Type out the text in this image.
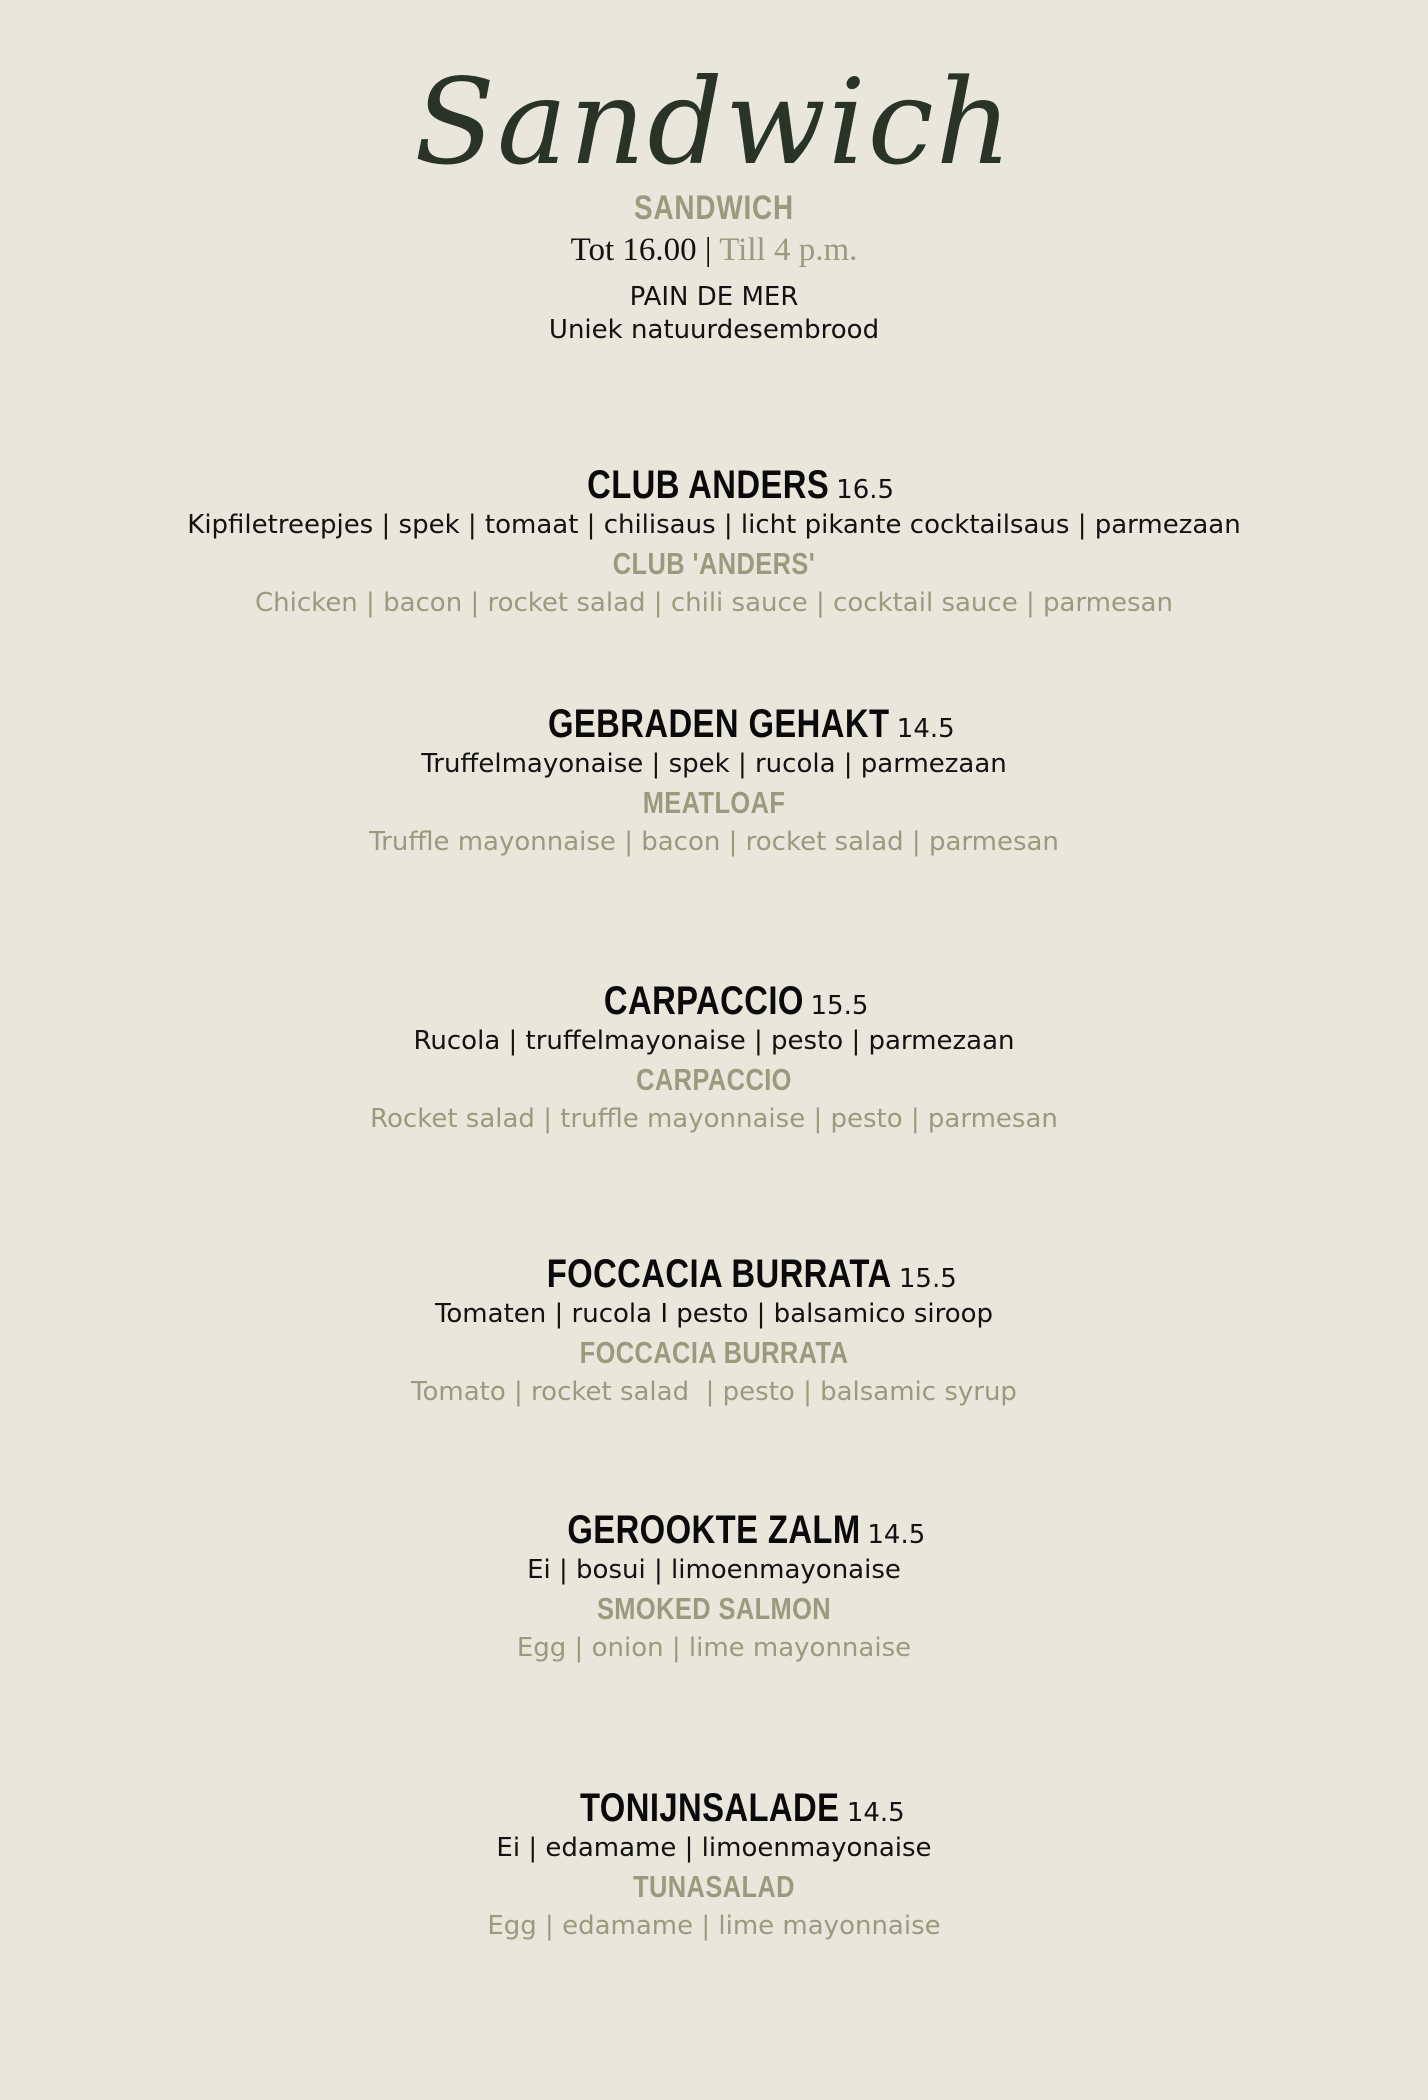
Sandwich
SANDWICH
Tot 16.00 | Till 4 p.m.
PAIN DE MER
Uniek natuurdesembrood
CLUB ANDERS 16.5
Kipfiletreepjes | spek | tomaat | chilisaus | licht pikante cocktailsaus | parmezaan
CLUB 'ANDERS'
Chicken | bacon | rocket salad | chili sauce | cocktail sauce | parmesan
GEBRADEN GEHAKT 14.5
Truffelmayonaise | spek | rucola | parmezaan
MEATLOAF
Truffle mayonnaise | bacon | rocket salad | parmesan
CARPACCIO 15.5
Rucola | truffelmayonaise | pesto | parmezaan
CARPACCIO
Rocket salad | truffle mayonnaise | pesto | parmesan
FOCCACIA BURRATA 15.5
Tomaten | rucola I pesto | balsamico siroop
FOCCACIA BURRATA
Tomato | rocket salad  | pesto | balsamic syrup
GEROOKTE ZALM 14.5
Ei | bosui | limoenmayonaise
SMOKED SALMON
Egg | onion | lime mayonnaise
TONIJNSALADE 14.5
Ei | edamame | limoenmayonaise
TUNASALAD
Egg | edamame | lime mayonnaise
